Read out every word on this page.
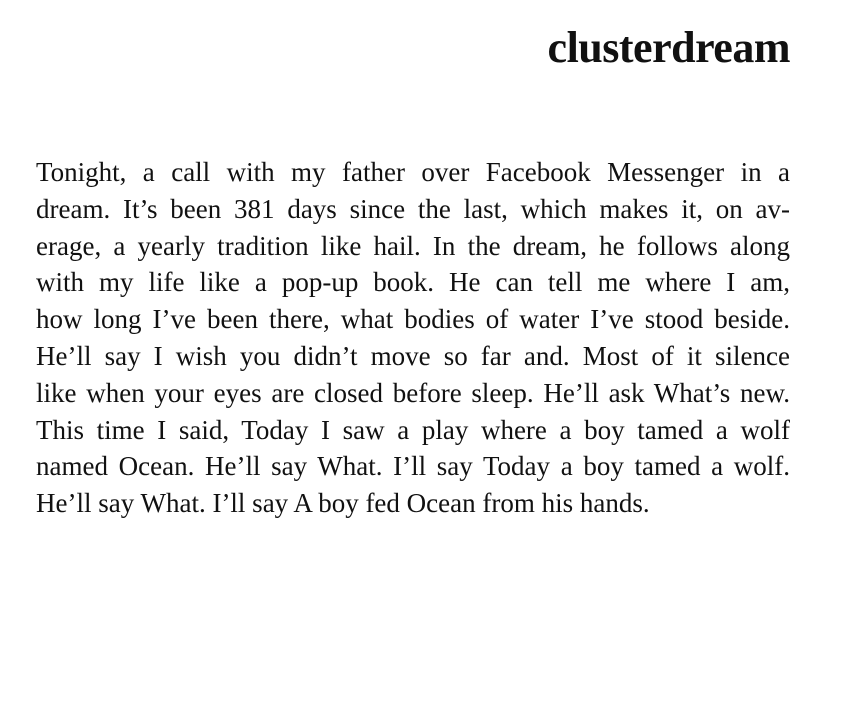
clusterdream
Tonight, a call with my father over Facebook Messenger in a
dream. It’s been 381 days since the last, which makes it, on av-
erage, a yearly tradition like hail. In the dream, he follows along
with my life like a pop-up book. He can tell me where I am,
how long I’ve been there, what bodies of water I’ve stood beside.
He’ll say I wish you didn’t move so far and. Most of it silence
like when your eyes are closed before sleep. He’ll ask What’s new.
This time I said, Today I saw a play where a boy tamed a wolf
named Ocean. He’ll say What. I’ll say Today a boy tamed a wolf.
He’ll say What. I’ll say A boy fed Ocean from his hands.
